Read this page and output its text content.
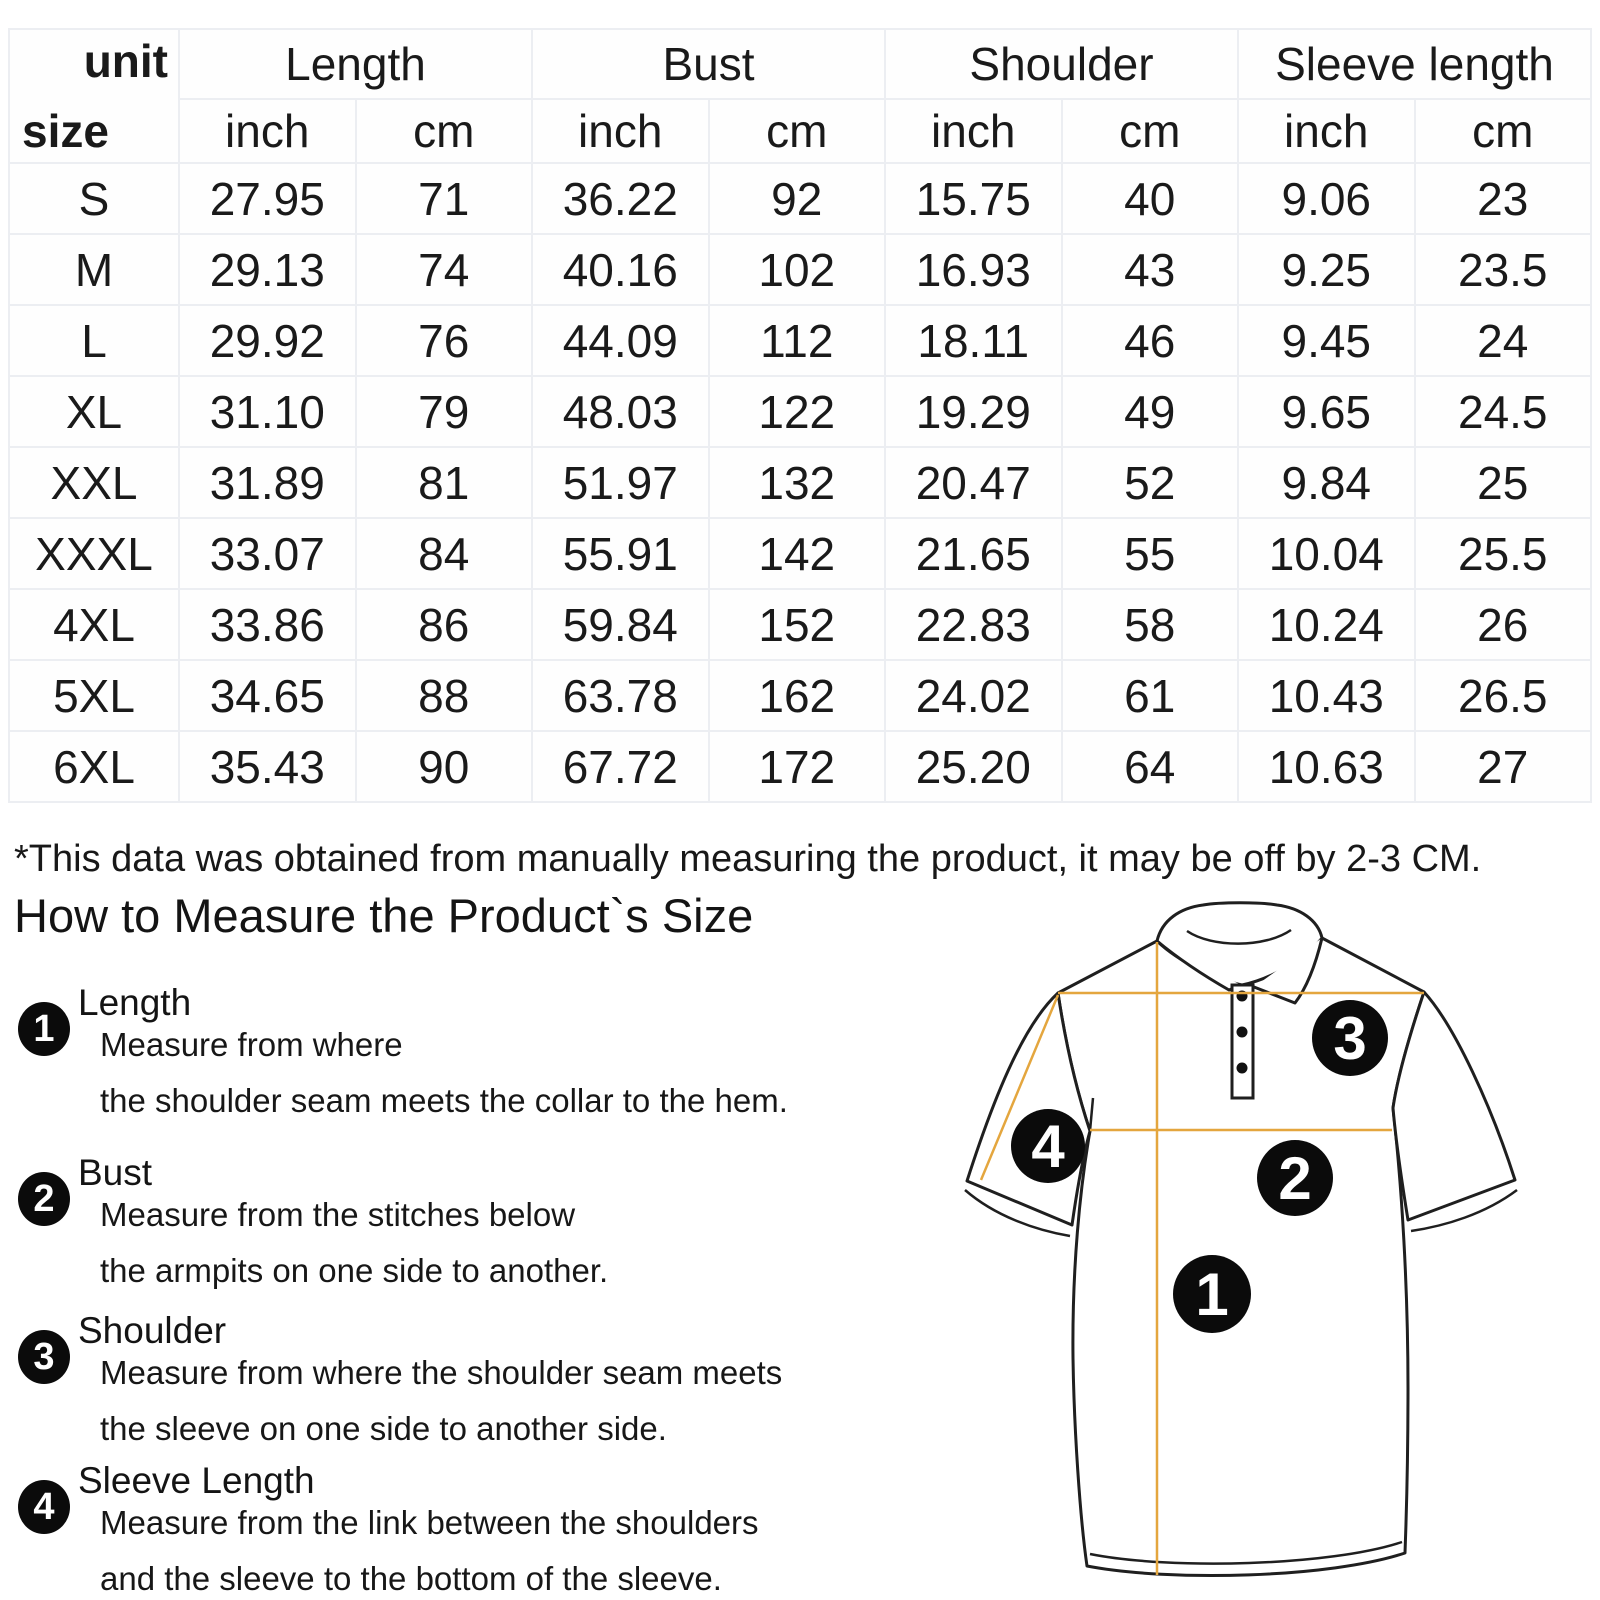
unit
size	Length		Bust		Shoulder		Sleeve length	
	inch	cm	inch	cm	inch	cm	inch	cm
S	27.95	71	36.22	92	15.75	40	9.06	23
M	29.13	74	40.16	102	16.93	43	9.25	23.5
L	29.92	76	44.09	112	18.11	46	9.45	24
XL	31.10	79	48.03	122	19.29	49	9.65	24.5
XXL	31.89	81	51.97	132	20.47	52	9.84	25
XXXL	33.07	84	55.91	142	21.65	55	10.04	25.5
4XL	33.86	86	59.84	152	22.83	58	10.24	26
5XL	34.65	88	63.78	162	24.02	61	10.43	26.5
6XL	35.43	90	67.72	172	25.20	64	10.63	27
*This data was obtained from manually measuring the product, it may be off by 2-3 CM.
How to Measure the Product`s Size
1
Length
Measure from where
the shoulder seam meets the collar to the hem.
2
Bust
Measure from the stitches below
the armpits on one side to another.
3
Shoulder
Measure from where the shoulder seam meets
the sleeve on one side to another side.
4
Sleeve Length
Measure from the link between the shoulders
and the sleeve to the bottom of the sleeve.
3
4	2
1
